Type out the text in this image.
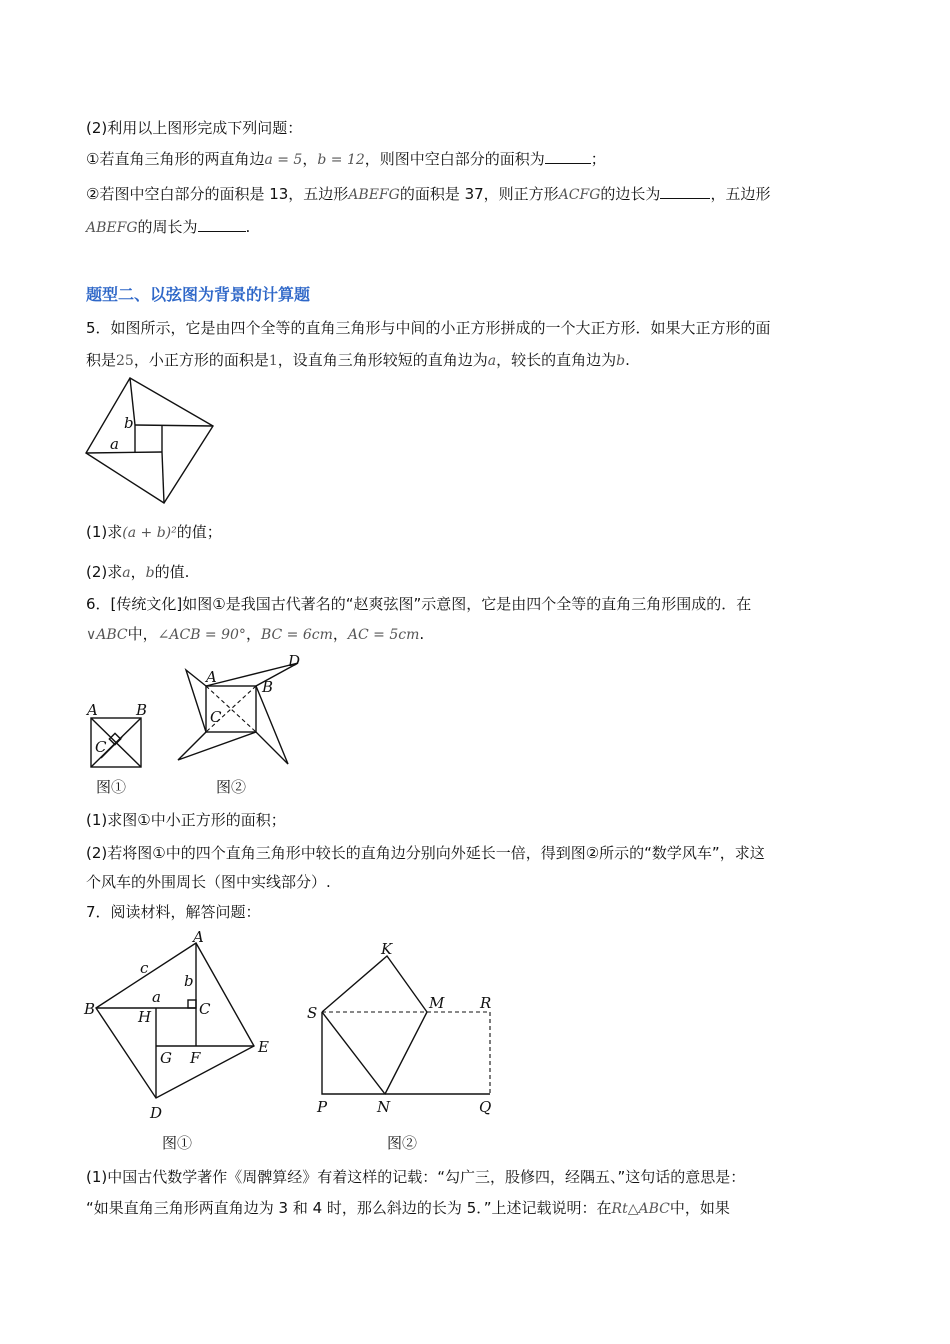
(2)利用以上图形完成下列问题：
①若直角三角形的两直角边a = 5，b = 12，则图中空白部分的面积为	；
②若图中空白部分的面积是 13，五边形ABEFG的面积是 37，则正方形ACFG的边长为	，五边形
ABEFG的周长为	.
题型二、以弦图为背景的计算题
5．如图所示，它是由四个全等的直角三角形与中间的小正方形拼成的一个大正方形．如果大正方形的面
积是25，小正方形的面积是1，设直角三角形较短的直角边为a，较长的直角边为b.
b
a
(1)求(a + b)²的值；
(2)求a，b的值.
6．[传统文化]如图①是我国古代著名的“赵爽弦图”示意图，它是由四个全等的直角三角形围成的．在
∨ABC中，∠ACB = 90°，BC = 6cm，AC = 5cm.
A	B
C
图①
D
A
B
C
图②
(1)求图①中小正方形的面积；
(2)若将图①中的四个直角三角形中较长的直角边分别向外延长一倍，得到图②所示的“数学风车”，求这
个风车的外围周长（图中实线部分）.
7．阅读材料，解答问题：
A
c
b
a
B	H	C
E
G F
D
图①
K
S
M R
P	N	Q
图②
(1)中国古代数学著作《周髀算经》有着这样的记载：“勾广三，股修四，经隅五、”这句话的意思是：
“如果直角三角形两直角边为 3 和 4 时，那么斜边的长为 5．”上述记载说明：在Rt△ABC中，如果
